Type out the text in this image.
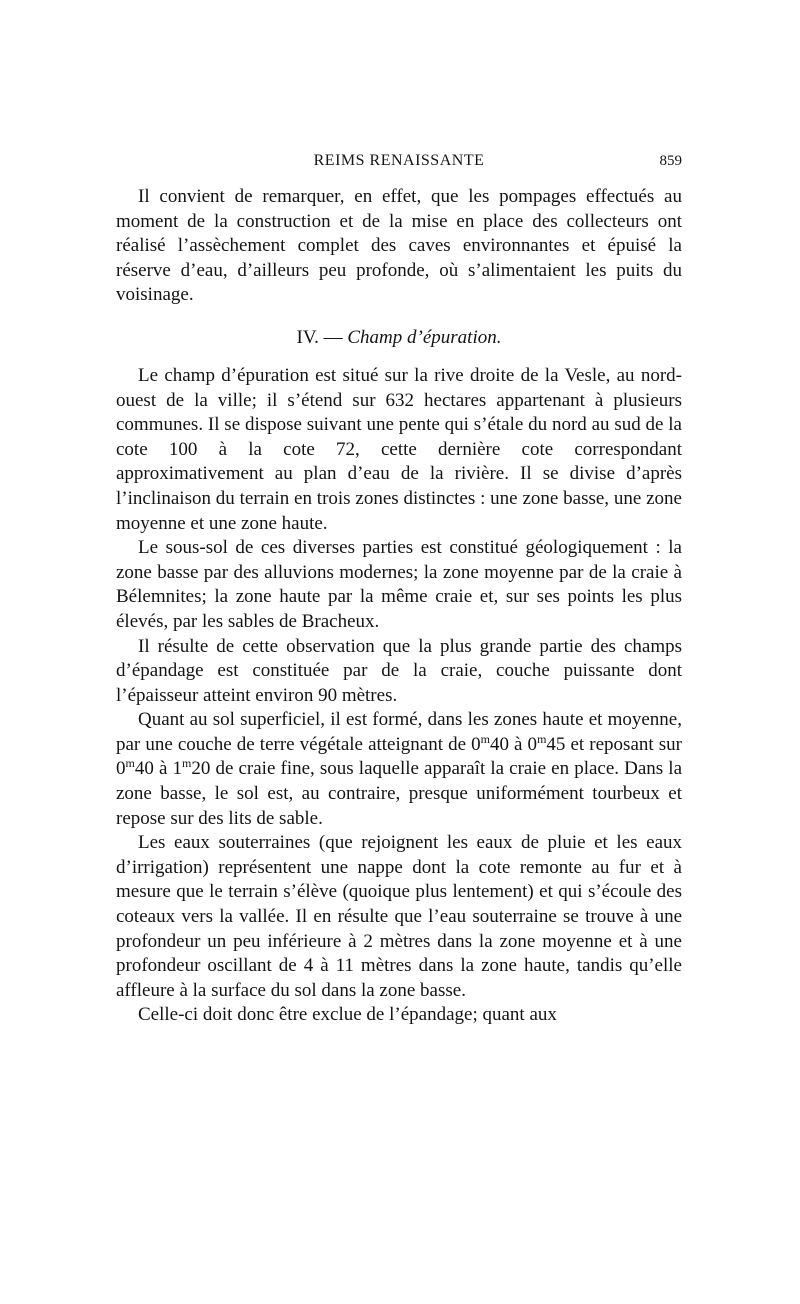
REIMS RENAISSANTE	859

Il convient de remarquer, en effet, que les pompages effectués au moment de la construction et de la mise en place des collecteurs ont réalisé l’assèchement complet des caves environnantes et épuisé la réserve d’eau, d’ailleurs peu profonde, où s’alimentaient les puits du voisinage.

IV. — Champ d’épuration.

Le champ d’épuration est situé sur la rive droite de la Vesle, au nord-ouest de la ville; il s’étend sur 632 hectares appartenant à plusieurs communes. Il se dispose suivant une pente qui s’étale du nord au sud de la cote 100 à la cote 72, cette dernière cote correspondant approximativement au plan d’eau de la rivière. Il se divise d’après l’inclinaison du terrain en trois zones distinctes : une zone basse, une zone moyenne et une zone haute.

Le sous-sol de ces diverses parties est constitué géologiquement : la zone basse par des alluvions modernes; la zone moyenne par de la craie à Bélemnites; la zone haute par la même craie et, sur ses points les plus élevés, par les sables de Bracheux.

Il résulte de cette observation que la plus grande partie des champs d’épandage est constituée par de la craie, couche puissante dont l’épaisseur atteint environ 90 mètres.

Quant au sol superficiel, il est formé, dans les zones haute et moyenne, par une couche de terre végétale atteignant de 0$^m$40 à 0$^m$45 et reposant sur 0$^m$40 à 1$^m$20 de craie fine, sous laquelle apparaît la craie en place. Dans la zone basse, le sol est, au contraire, presque uniformément tourbeux et repose sur des lits de sable.

Les eaux souterraines (que rejoignent les eaux de pluie et les eaux d’irrigation) représentent une nappe dont la cote remonte au fur et à mesure que le terrain s’élève (quoique plus lentement) et qui s’écoule des coteaux vers la vallée. Il en résulte que l’eau souterraine se trouve à une profondeur un peu inférieure à 2 mètres dans la zone moyenne et à une profondeur oscillant de 4 à 11 mètres dans la zone haute, tandis qu’elle affleure à la surface du sol dans la zone basse.

Celle-ci doit donc être exclue de l’épandage; quant aux
